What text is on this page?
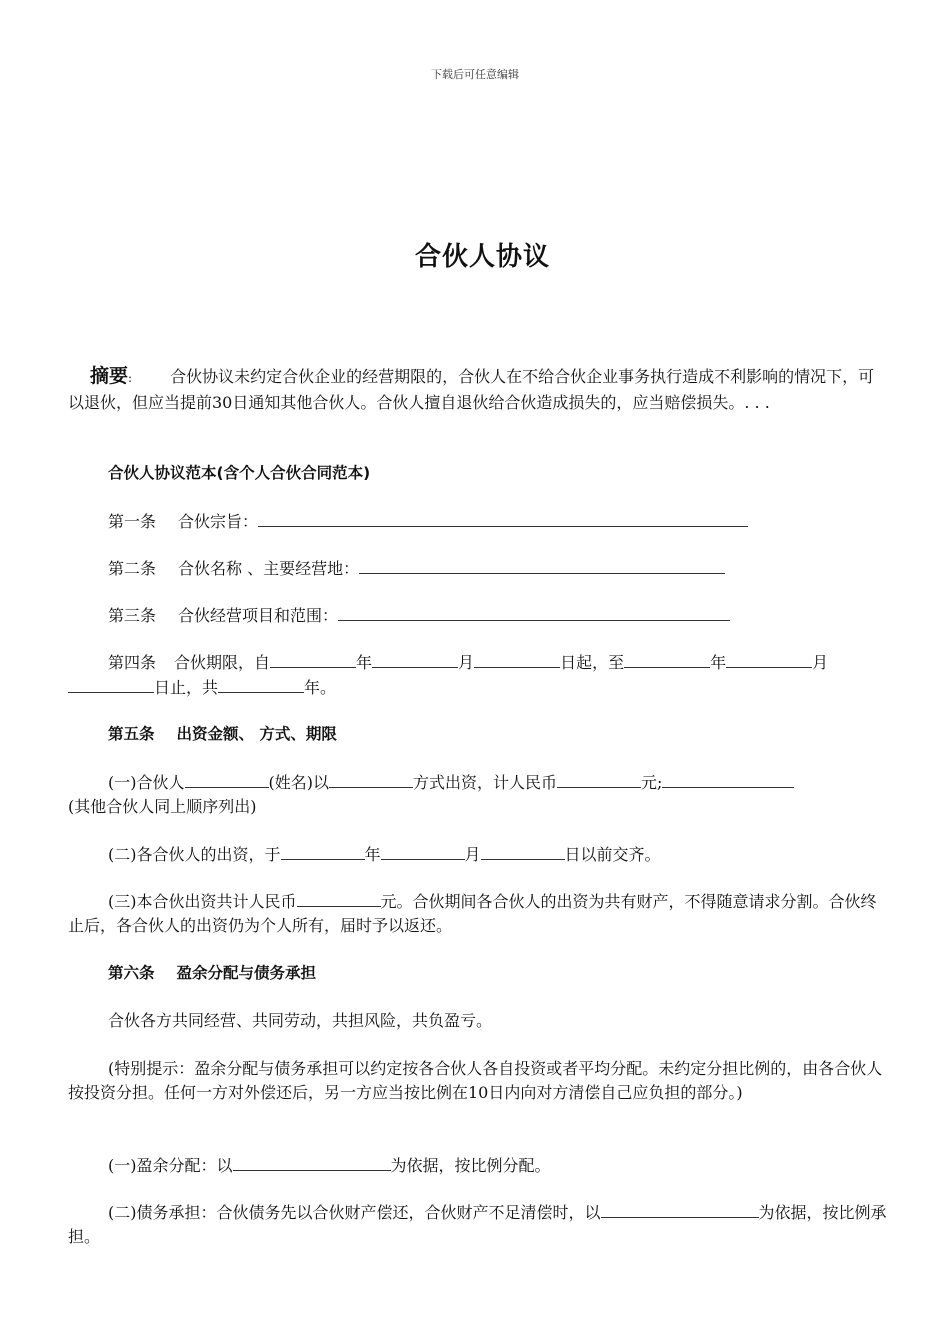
下载后可任意编辑
合伙人协议
摘要: 合伙协议未约定合伙企业的经营期限的，合伙人在不给合伙企业事务执行造成不利影响的情况下，可以退伙，但应当提前30日通知其他合伙人。合伙人擅自退伙给合伙造成损失的，应当赔偿损失。. . .
合伙人协议范本(含个人合伙合同范本)
第一条 合伙宗旨：
第二条 合伙名称 、主要经营地：
第三条 合伙经营项目和范围：
第四条 合伙期限，自	年	月	日起，至	年	月
日止，共	年。
第五条 出资金额、 方式、期限
(一)合伙人	(姓名)以	方式出资，计人民币	元;
(其他合伙人同上顺序列出)
(二)各合伙人的出资，于	年	月	日以前交齐。
(三)本合伙出资共计人民币	元。合伙期间各合伙人的出资为共有财产，不得随意请求分割。合伙终止后，各合伙人的出资仍为个人所有，届时予以返还。
第六条 盈余分配与债务承担
合伙各方共同经营、共同劳动，共担风险，共负盈亏。
(特别提示：盈余分配与债务承担可以约定按各合伙人各自投资或者平均分配。未约定分担比例的，由各合伙人按投资分担。任何一方对外偿还后，另一方应当按比例在10日内向对方清偿自己应负担的部分。)
(一)盈余分配：以	为依据，按比例分配。
(二)债务承担：合伙债务先以合伙财产偿还，合伙财产不足清偿时，以	为依据，按比例承担。
